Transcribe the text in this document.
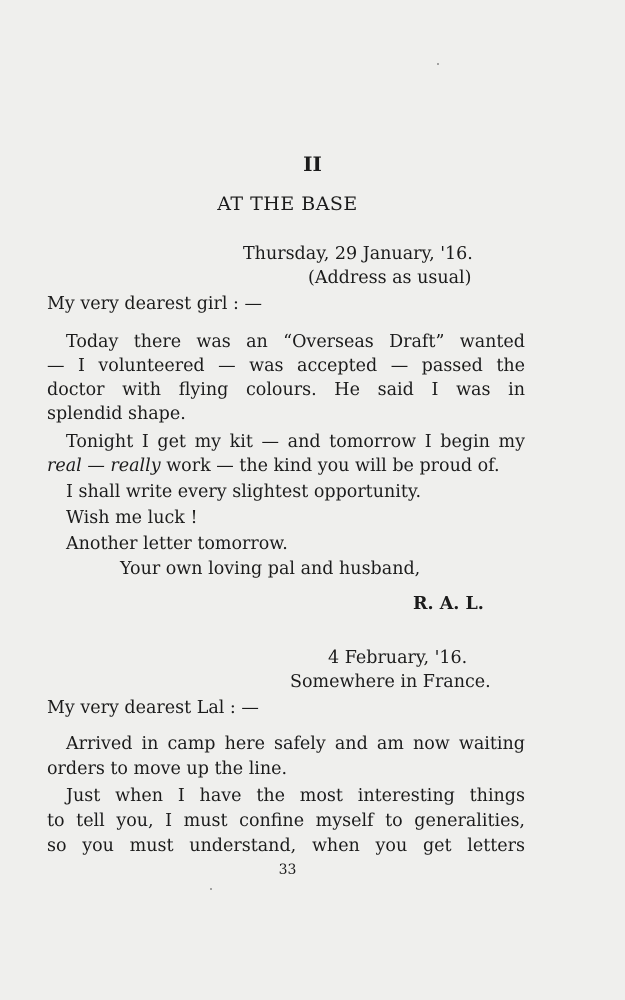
II
AT THE BASE
Thursday, 29 January, '16.
(Address as usual)
My very dearest girl : —
Today there was an “Overseas Draft” wanted
— I volunteered — was accepted — passed the
doctor with flying colours. He said I was in
splendid shape.
Tonight I get my kit — and tomorrow I begin my
real — really work — the kind you will be proud of.
I shall write every slightest opportunity.
Wish me luck !
Another letter tomorrow.
Your own loving pal and husband,
R. A. L.
4 February, '16.
Somewhere in France.
My very dearest Lal : —
Arrived in camp here safely and am now waiting
orders to move up the line.
Just when I have the most interesting things
to tell you, I must confine myself to generalities,
so you must understand, when you get letters
33
